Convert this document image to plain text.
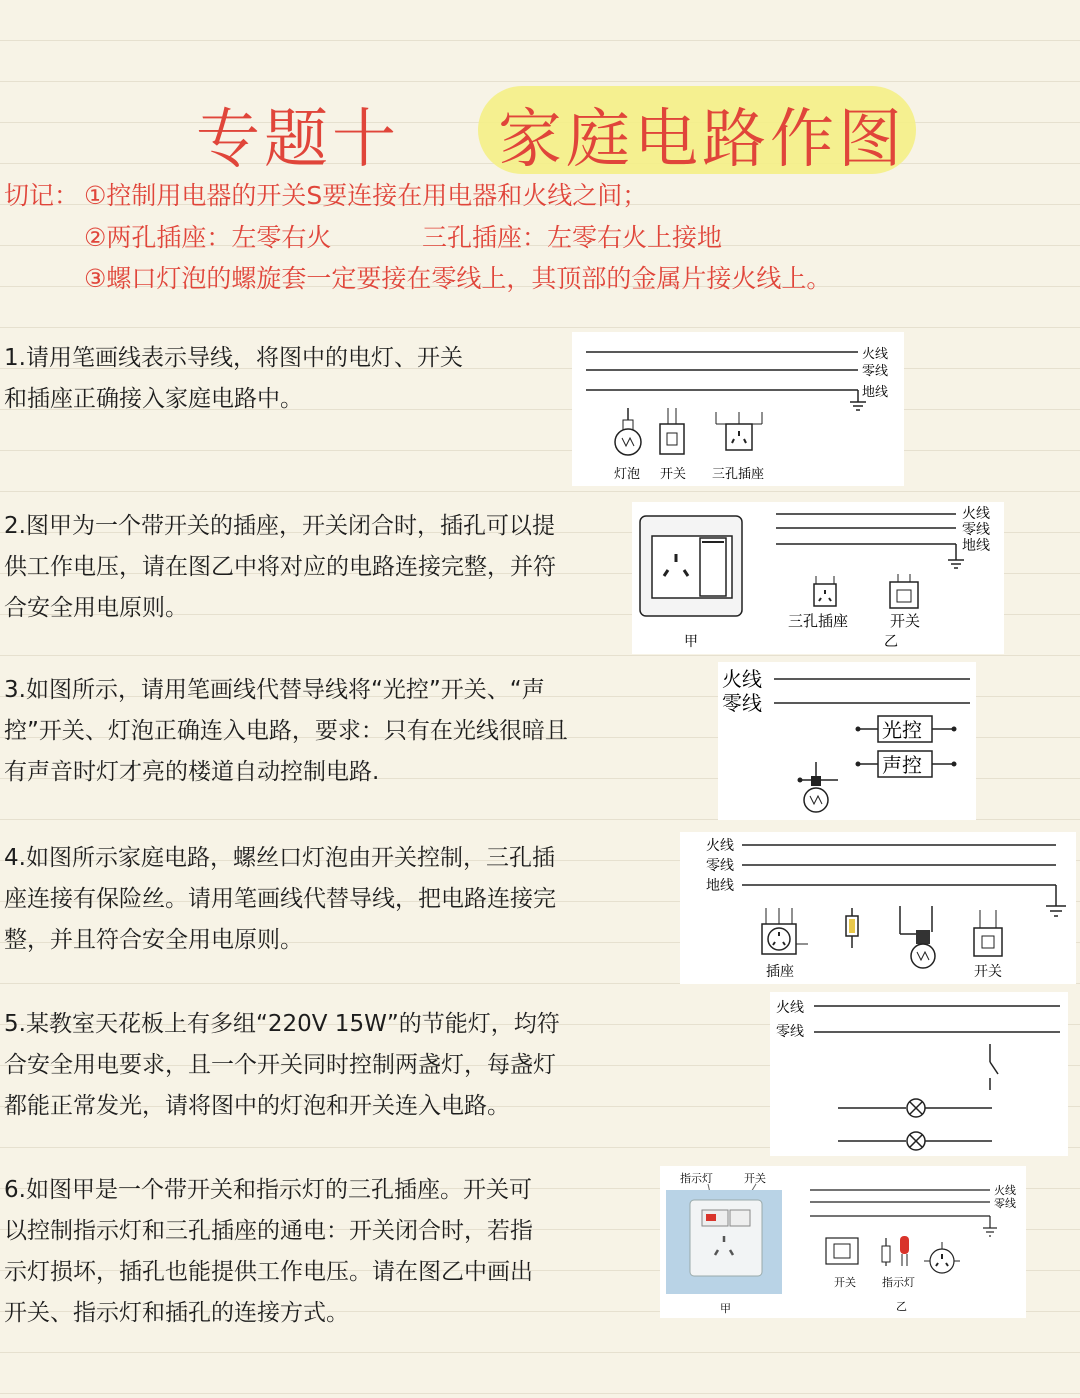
专题十 家庭电路作图
切记： ①控制用电器的开关S要连接在用电器和火线之间；
②两孔插座：左零右火	三孔插座：左零右火上接地
③螺口灯泡的螺旋套一定要接在零线上，其顶部的金属片接火线上。
1.请用笔画线表示导线，将图中的电灯、开关
和插座正确接入家庭电路中。
火线
零线
地线
灯泡 开关 三孔插座
2.图甲为一个带开关的插座，开关闭合时，插孔可以提
供工作电压，请在图乙中将对应的电路连接完整，并符
合安全用电原则。
甲
火线
零线
地线
三孔插座	开关
乙
3.如图所示，请用笔画线代替导线将“光控”开关、“声
控”开关、灯泡正确连入电路，要求：只有在光线很暗且
有声音时灯才亮的楼道自动控制电路.
火线
零线
光控
声控
4.如图所示家庭电路，螺丝口灯泡由开关控制，三孔插
座连接有保险丝。请用笔画线代替导线，把电路连接完
整，并且符合安全用电原则。
火线
零线
地线
插座	开关
5.某教室天花板上有多组“220V 15W”的节能灯，均符
合安全用电要求，且一个开关同时控制两盏灯，每盏灯
都能正常发光，请将图中的灯泡和开关连入电路。
火线
零线
6.如图甲是一个带开关和指示灯的三孔插座。开关可
以控制指示灯和三孔插座的通电：开关闭合时，若指
示灯损坏，插孔也能提供工作电压。请在图乙中画出
开关、指示灯和插孔的连接方式。
指示灯	开关
甲
火线
零线
开关 指示灯
乙
